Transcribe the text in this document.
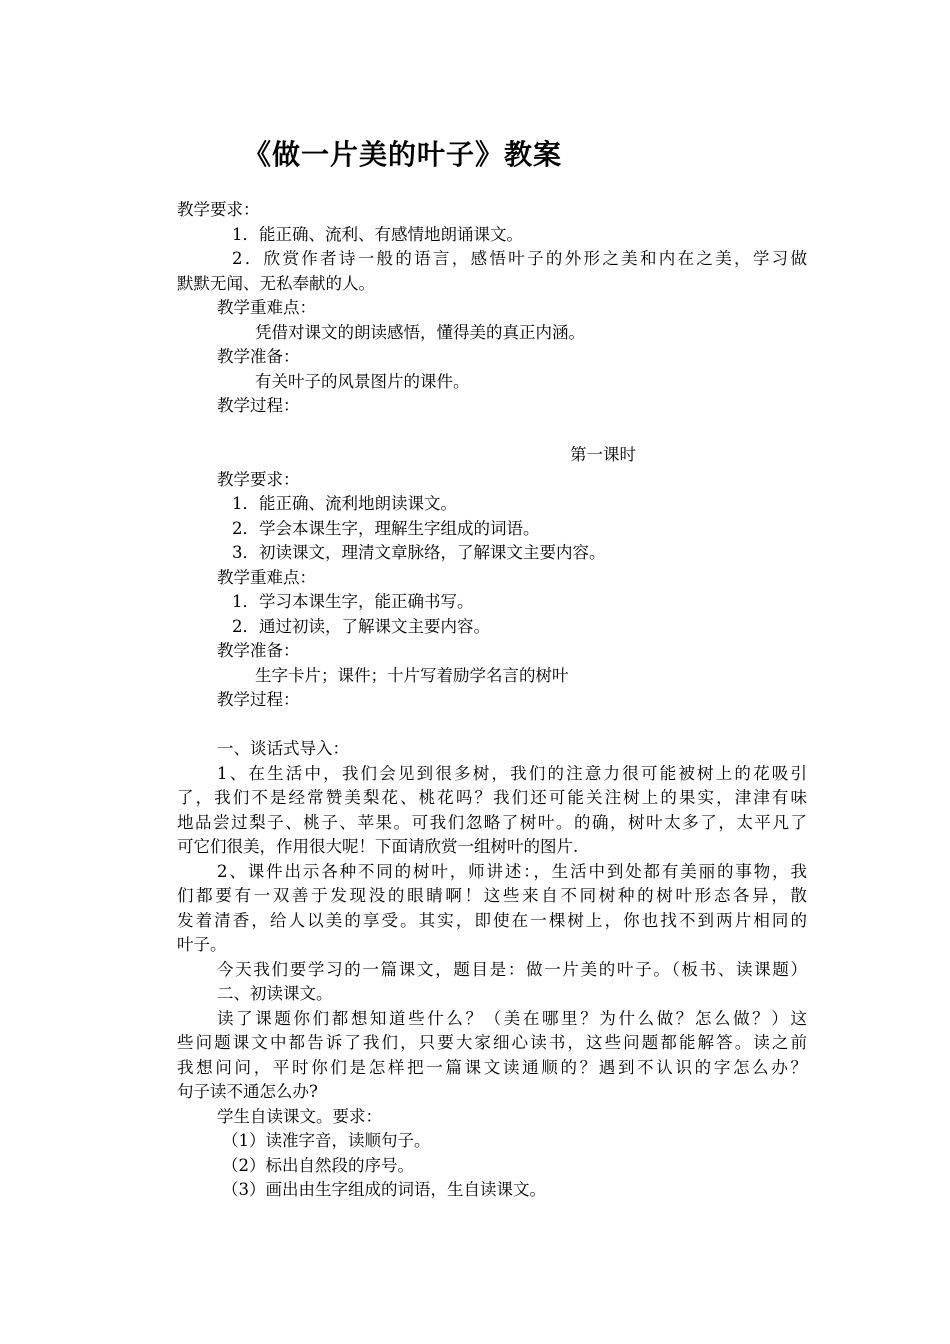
《做一片美的叶子》教案
教学要求：
1．能正确、流利、有感情地朗诵课文。
2．欣赏作者诗一般的语言，感悟叶子的外形之美和内在之美，学习做
默默无闻、无私奉献的人。
教学重难点：
凭借对课文的朗读感悟，懂得美的真正内涵。
教学准备：
有关叶子的风景图片的课件。
教学过程：
第一课时
教学要求：
1．能正确、流利地朗读课文。
2．学会本课生字，理解生字组成的词语。
3．初读课文，理清文章脉络，了解课文主要内容。
教学重难点：
1．学习本课生字，能正确书写。
2．通过初读，了解课文主要内容。
教学准备：
生字卡片；课件；十片写着励学名言的树叶
教学过程：
一、谈话式导入：
1、在生活中，我们会见到很多树，我们的注意力很可能被树上的花吸引
了，我们不是经常赞美梨花、桃花吗？我们还可能关注树上的果实，津津有味
地品尝过梨子、桃子、苹果。可我们忽略了树叶。的确，树叶太多了，太平凡了
可它们很美，作用很大呢！下面请欣赏一组树叶的图片.
2、课件出示各种不同的树叶，师讲述：，生活中到处都有美丽的事物，我
们都要有一双善于发现没的眼睛啊！这些来自不同树种的树叶形态各异，散
发着清香，给人以美的享受。其实，即使在一棵树上，你也找不到两片相同的
叶子。
今天我们要学习的一篇课文，题目是：做一片美的叶子。（板书、读课题）
二、初读课文。
读了课题你们都想知道些什么？（美在哪里？为什么做？怎么做？）这
些问题课文中都告诉了我们，只要大家细心读书，这些问题都能解答。读之前
我想问问，平时你们是怎样把一篇课文读通顺的？遇到不认识的字怎么办？
句子读不通怎么办?
学生自读课文。要求：
（1）读准字音，读顺句子。
（2）标出自然段的序号。
（3）画出由生字组成的词语，生自读课文。
